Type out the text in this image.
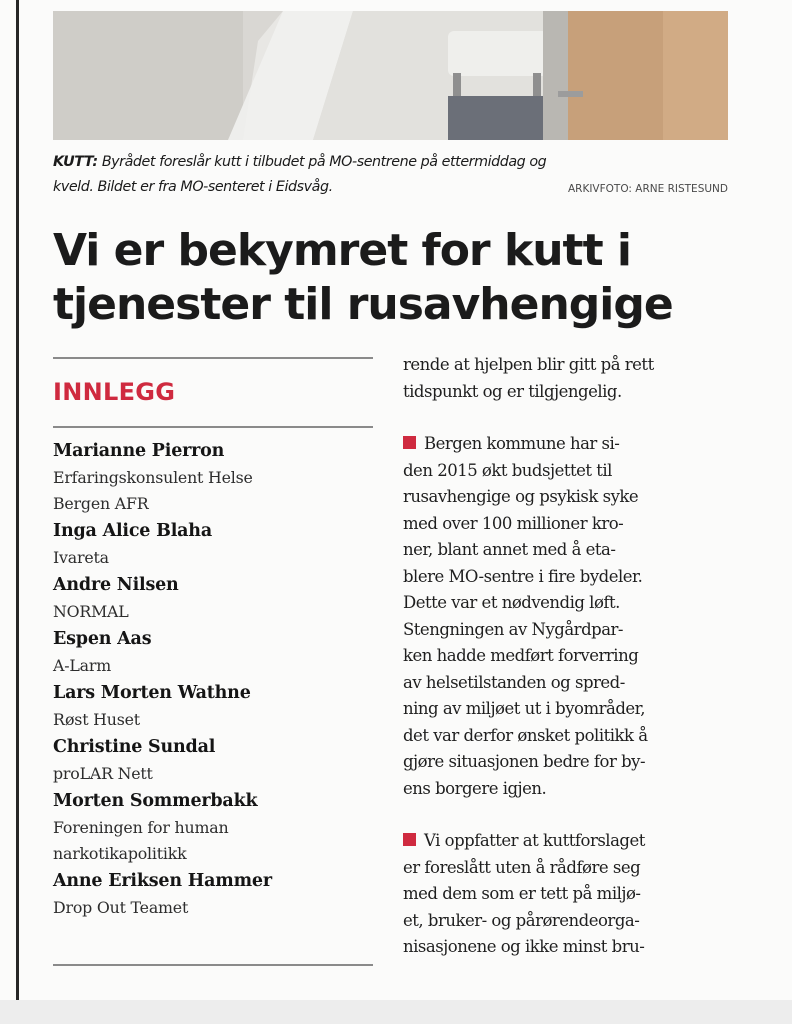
KUTT: Byrådet foreslår kutt i tilbudet på MO-sentrene på ettermiddag og
kveld. Bildet er fra MO-senteret i Eidsvåg.	ARKIVFOTO: ARNE RISTESUND
Vi er bekymret for kutt i
tjenester til rusavhengige
INNLEGG
Marianne Pierron
Erfaringskonsulent Helse
Bergen AFR
Inga Alice Blaha
Ivareta
Andre Nilsen
NORMAL
Espen Aas
A-Larm
Lars Morten Wathne
Røst Huset
Christine Sundal
proLAR Nett
Morten Sommerbakk
Foreningen for human
narkotikapolitikk
Anne Eriksen Hammer
Drop Out Teamet

rende at hjelpen blir gitt på rett
tidspunkt og er tilgjengelig.

Bergen kommune har si-
den 2015 økt budsjettet til
rusavhengige og psykisk syke
med over 100 millioner kro-
ner, blant annet med å eta-
blere MO-sentre i fire bydeler.
Dette var et nødvendig løft.
Stengningen av Nygårdpar-
ken hadde medført forverring
av helsetilstanden og spred-
ning av miljøet ut i byområder,
det var derfor ønsket politikk å
gjøre situasjonen bedre for by-
ens borgere igjen.

Vi oppfatter at kuttforslaget
er foreslått uten å rådføre seg
med dem som er tett på miljø-
et, bruker- og pårørendeorga-
nisasjonene og ikke minst bru-
